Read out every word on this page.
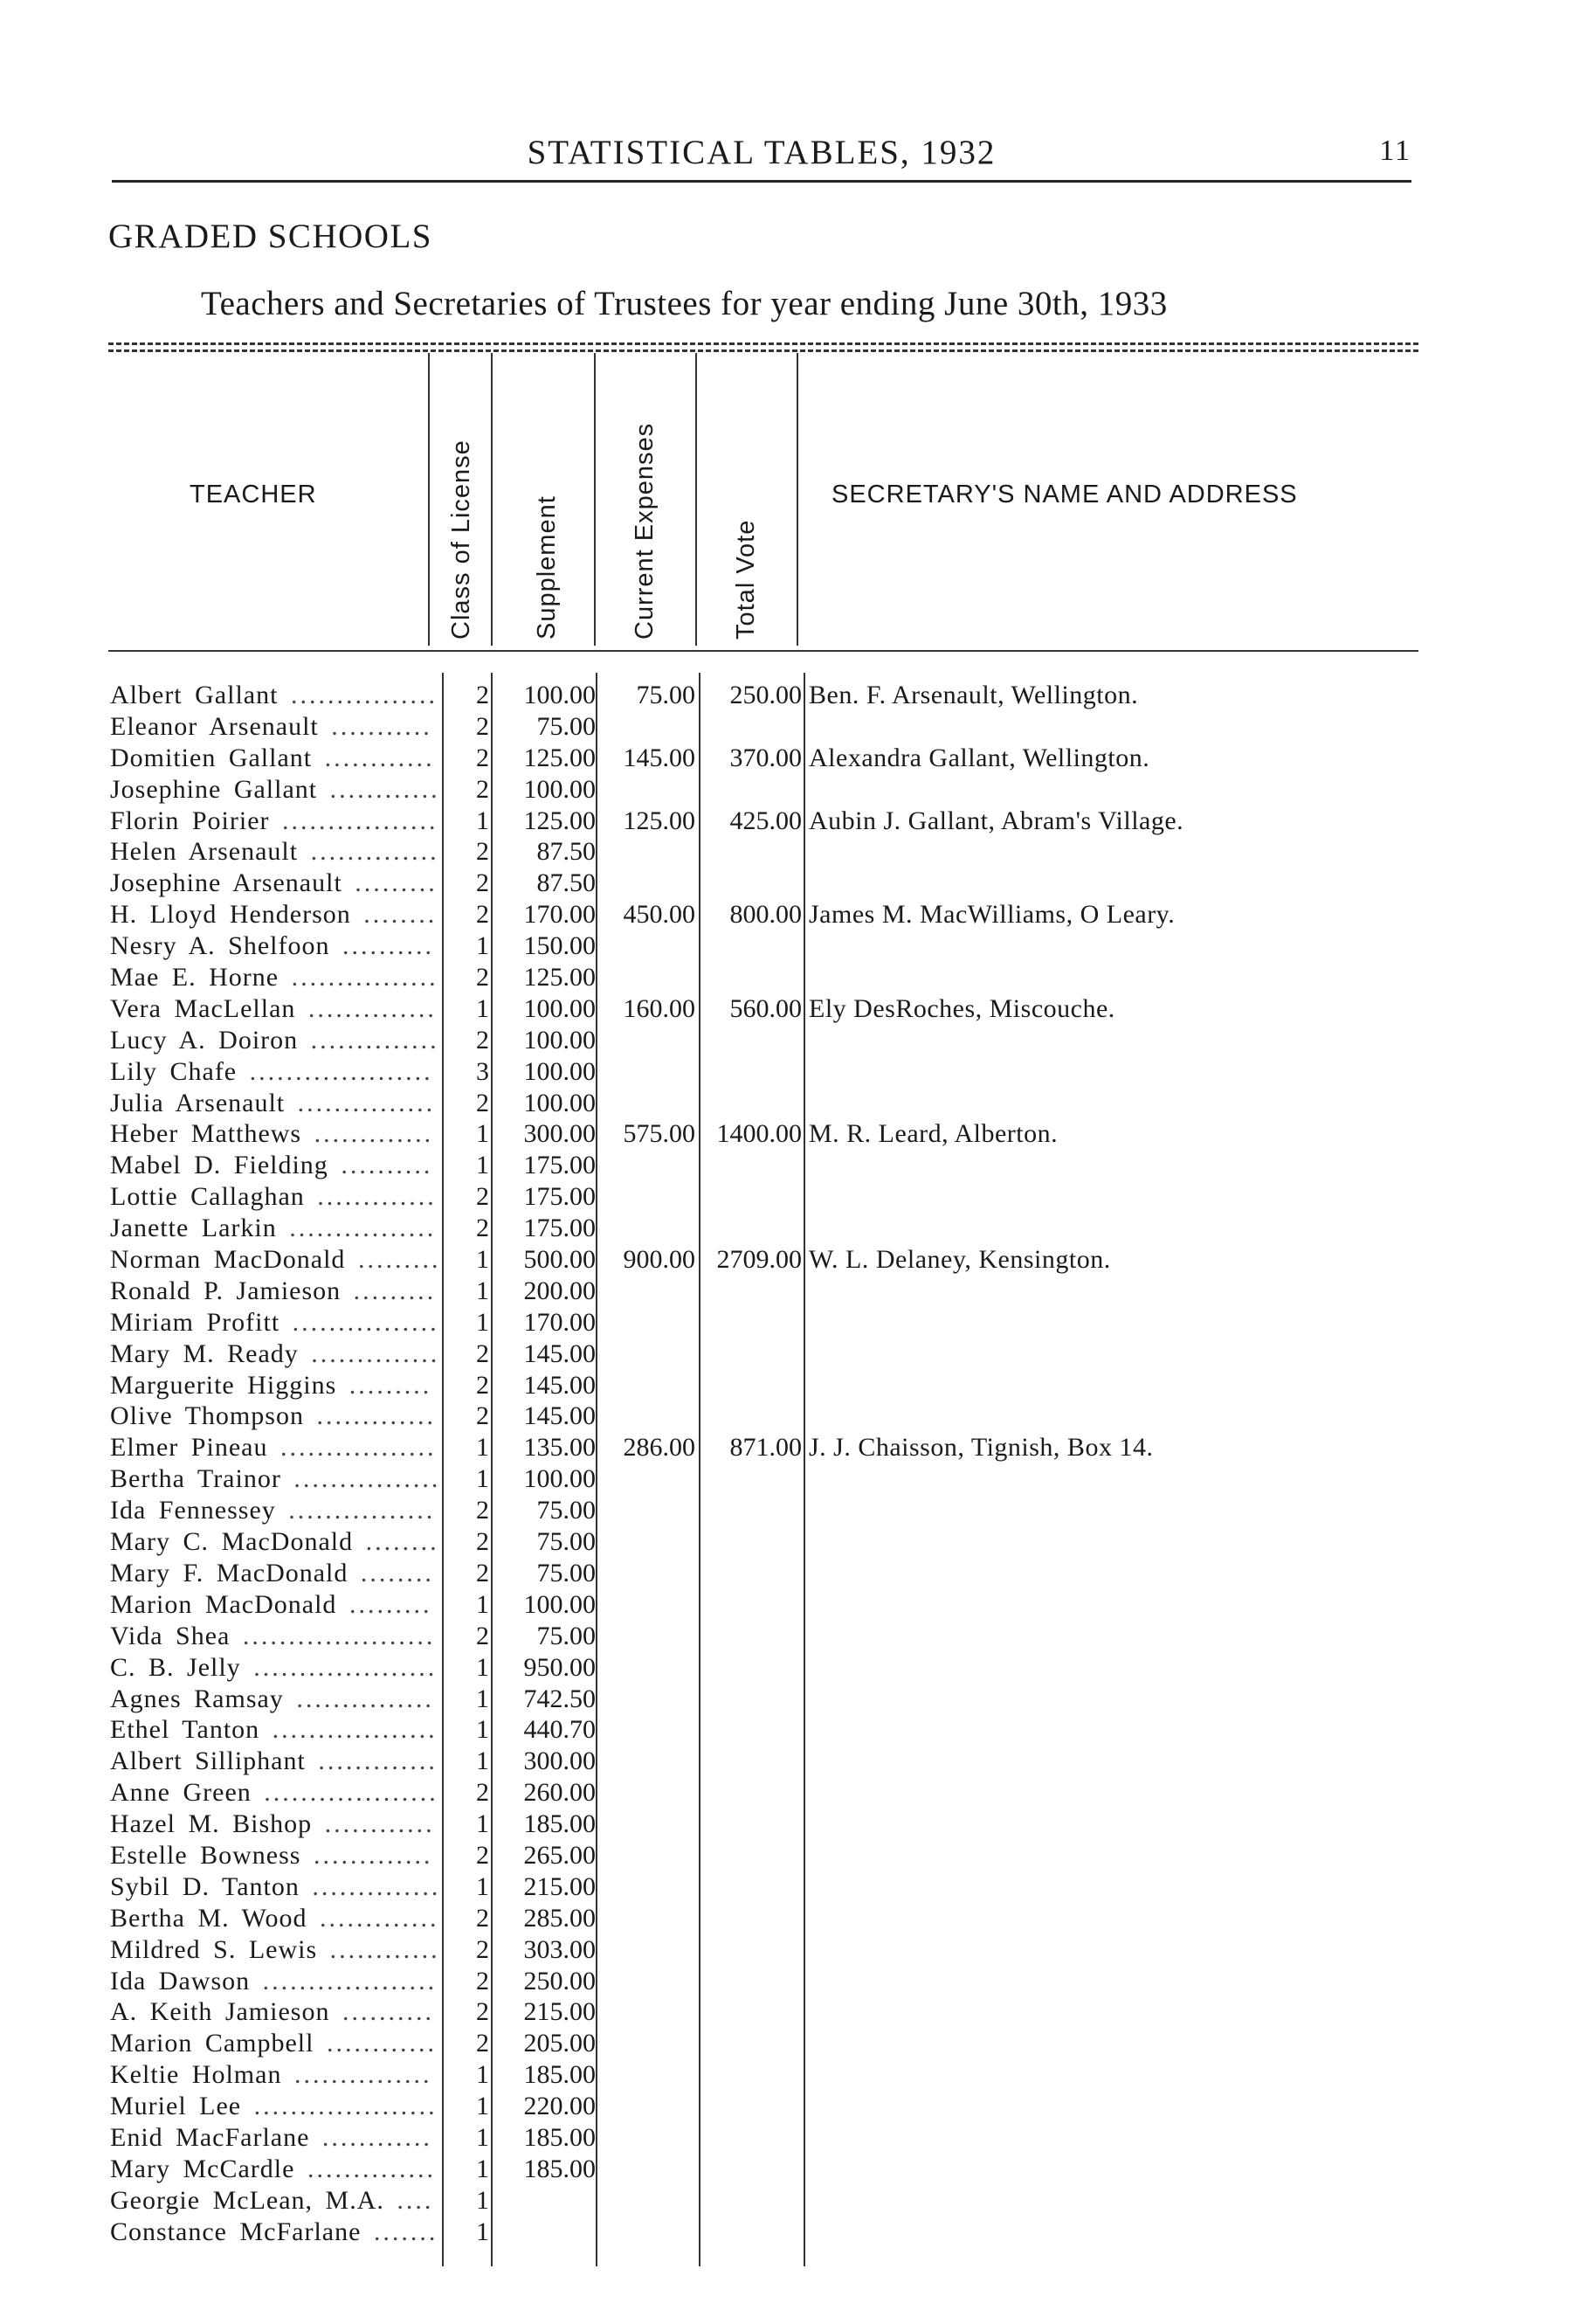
STATISTICAL TABLES, 1932	11
GRADED SCHOOLS
Teachers and Secretaries of Trustees for year ending June 30th, 1933
TEACHER	Class of License Supplement	Current Expenses	Total Vote
SECRETARY'S NAME AND ADDRESS
Albert Gallant ................	2	100.00	75.00	250.00 Ben. F. Arsenault, Wellington.
Eleanor Arsenault ...........	2	75.00
Domitien Gallant ............	2	125.00	145.00	370.00 Alexandra Gallant, Wellington.
Josephine Gallant ............	2	100.00
Florin Poirier .................	1	125.00	125.00	425.00 Aubin J. Gallant, Abram's Village.
Helen Arsenault ..............	2	87.50
Josephine Arsenault .........	2	87.50
H. Lloyd Henderson ........	2	170.00	450.00	800.00 James M. MacWilliams, O Leary.
Nesry A. Shelfoon ..........	1	150.00
Mae E. Horne ................	2	125.00
Vera MacLellan ..............	1	100.00	160.00	560.00 Ely DesRoches, Miscouche.
Lucy A. Doiron ..............	2	100.00
Lily Chafe ....................	3	100.00
Julia Arsenault ...............	2	100.00
Heber Matthews .............	1	300.00	575.00 1400.00 M. R. Leard, Alberton.
Mabel D. Fielding ..........	1	175.00
Lottie Callaghan .............	2	175.00
Janette Larkin ................	2	175.00
Norman MacDonald .........	1	500.00	900.00 2709.00 W. L. Delaney, Kensington.
Ronald P. Jamieson .........	1	200.00
Miriam Profitt ................	1	170.00
Mary M. Ready ..............	2	145.00
Marguerite Higgins .........	2	145.00
Olive Thompson .............	2	145.00
Elmer Pineau .................	1	135.00	286.00	871.00 J. J. Chaisson, Tignish, Box 14.
Bertha Trainor ................	1	100.00
Ida Fennessey ................	2	75.00
Mary C. MacDonald ........	2	75.00
Mary F. MacDonald ........	2	75.00
Marion MacDonald .........	1	100.00
Vida Shea .....................	2	75.00
C. B. Jelly ....................	1	950.00
Agnes Ramsay ...............	1	742.50
Ethel Tanton ..................	1	440.70
Albert Silliphant .............	1	300.00
Anne Green ...................	2	260.00
Hazel M. Bishop ............	1	185.00
Estelle Bowness .............	2	265.00
Sybil D. Tanton ..............	1	215.00
Bertha M. Wood .............	2	285.00
Mildred S. Lewis ............	2	303.00
Ida Dawson ...................	2	250.00
A. Keith Jamieson ..........	2	215.00
Marion Campbell ............	2	205.00
Keltie Holman ...............	1	185.00
Muriel Lee ....................	1	220.00
Enid MacFarlane ............	1	185.00
Mary McCardle ..............	1	185.00
Georgie McLean, M.A. ....	1
Constance McFarlane .......	1
